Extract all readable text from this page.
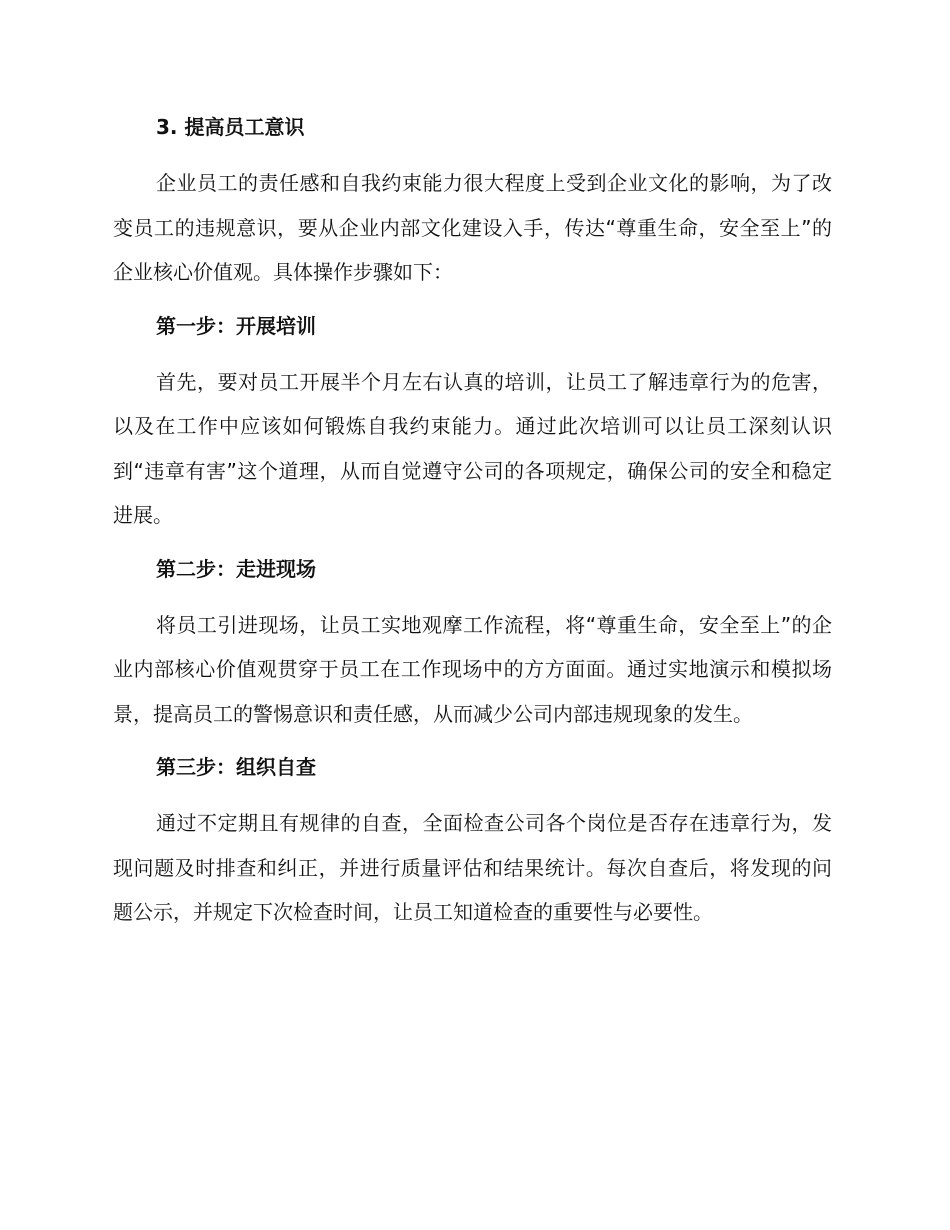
3. 提高员工意识

企业员工的责任感和自我约束能力很大程度上受到企业文化的影响，为了改变员工的违规意识，要从企业内部文化建设入手，传达“尊重生命，安全至上”的企业核心价值观。具体操作步骤如下：

第一步：开展培训

首先，要对员工开展半个月左右认真的培训，让员工了解违章行为的危害，以及在工作中应该如何锻炼自我约束能力。通过此次培训可以让员工深刻认识到“违章有害”这个道理，从而自觉遵守公司的各项规定，确保公司的安全和稳定进展。

第二步：走进现场

将员工引进现场，让员工实地观摩工作流程，将“尊重生命，安全至上”的企业内部核心价值观贯穿于员工在工作现场中的方方面面。通过实地演示和模拟场景，提高员工的警惕意识和责任感，从而减少公司内部违规现象的发生。

第三步：组织自查

通过不定期且有规律的自查，全面检查公司各个岗位是否存在违章行为，发现问题及时排查和纠正，并进行质量评估和结果统计。每次自查后，将发现的问题公示，并规定下次检查时间，让员工知道检查的重要性与必要性。
